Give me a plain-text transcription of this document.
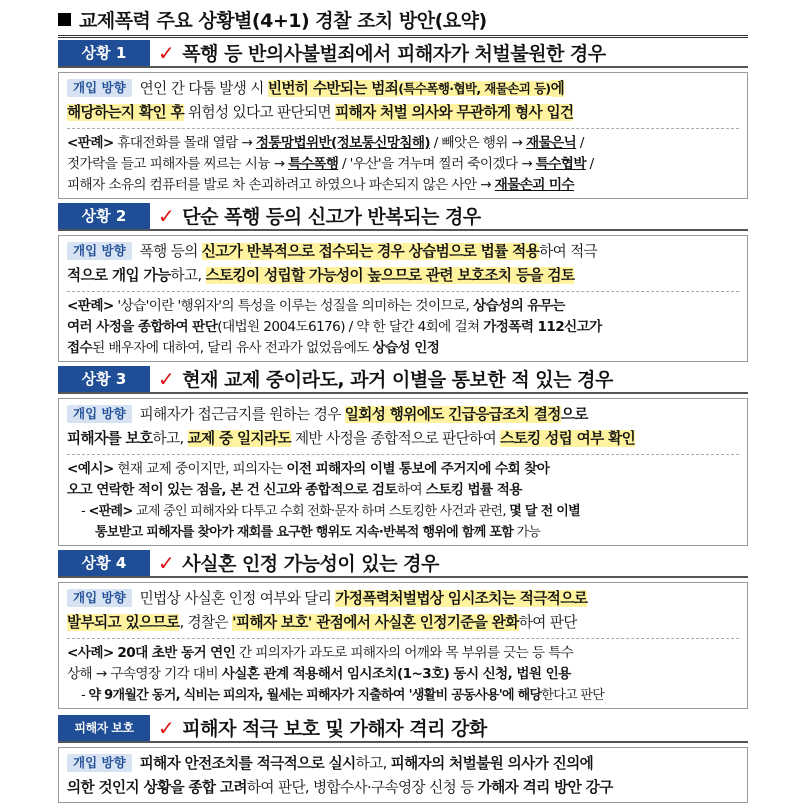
교제폭력 주요 상황별(4+1) 경찰 조치 방안(요약)
상황 1	✓ 폭행 등 반의사불벌죄에서 피해자가 처벌불원한 경우

개입 방향 연인 간 다툼 발생 시 빈번히 수반되는 범죄(특수폭행·협박, 재물손괴 등)에

해당하는지 확인 후 위험성 있다고 판단되면 피해자 처벌 의사와 무관하게 형사 입건

<판례> 휴대전화를 몰래 열람 → 정통망법위반(정보통신망침해) / 빼앗은 행위 → 재물은닉 /

젓가락을 들고 피해자를 찌르는 시늉 → 특수폭행 / '우산'을 겨누며 찔러 죽이겠다 → 특수협박 /

피해자 소유의 컴퓨터를 발로 차 손괴하려고 하였으나 파손되지 않은 사안 → 재물손괴 미수

상황 2	✓ 단순 폭행 등의 신고가 반복되는 경우

개입 방향 폭행 등의 신고가 반복적으로 접수되는 경우 상습범으로 법률 적용하여 적극

적으로 개입 가능하고, 스토킹이 성립할 가능성이 높으므로 관련 보호조치 등을 검토

<판례> '상습'이란 '행위자'의 특성을 이루는 성질을 의미하는 것이므로, 상습성의 유무는

여러 사정을 종합하여 판단(대법원 2004도6176) / 약 한 달간 4회에 걸쳐 가정폭력 112신고가

접수된 배우자에 대하여, 달리 유사 전과가 없었음에도 상습성 인정

상황 3	✓ 현재 교제 중이라도, 과거 이별을 통보한 적 있는 경우

개입 방향 피해자가 접근금지를 원하는 경우 일회성 행위에도 긴급응급조치 결정으로

피해자를 보호하고, 교제 중 일지라도 제반 사정을 종합적으로 판단하여 스토킹 성립 여부 확인

<예시> 현재 교제 중이지만, 피의자는 이전 피해자의 이별 통보에 주거지에 수회 찾아

오고 연락한 적이 있는 점을, 본 건 신고와 종합적으로 검토하여 스토킹 법률 적용

- <판례> 교제 중인 피해자와 다투고 수회 전화·문자 하며 스토킹한 사건과 관련, 몇 달 전 이별

통보받고 피해자를 찾아가 재회를 요구한 행위도 지속·반복적 행위에 함께 포함 가능

상황 4	✓ 사실혼 인정 가능성이 있는 경우

개입 방향 민법상 사실혼 인정 여부와 달리 가정폭력처벌법상 임시조치는 적극적으로

발부되고 있으므로, 경찰은 '피해자 보호' 관점에서 사실혼 인정기준을 완화하여 판단

<사례> 20대 초반 동거 연인 간 피의자가 과도로 피해자의 어깨와 목 부위를 긋는 등 특수

상해 → 구속영장 기각 대비 사실혼 관계 적용해서 임시조치(1~3호) 동시 신청, 법원 인용

- 약 9개월간 동거, 식비는 피의자, 월세는 피해자가 지출하여 '생활비 공동사용'에 해당한다고 판단

피해자 보호	✓ 피해자 적극 보호 및 가해자 격리 강화

개입 방향 피해자 안전조치를 적극적으로 실시하고, 피해자의 처벌불원 의사가 진의에

의한 것인지 상황을 종합 고려하여 판단, 병합수사·구속영장 신청 등 가해자 격리 방안 강구
